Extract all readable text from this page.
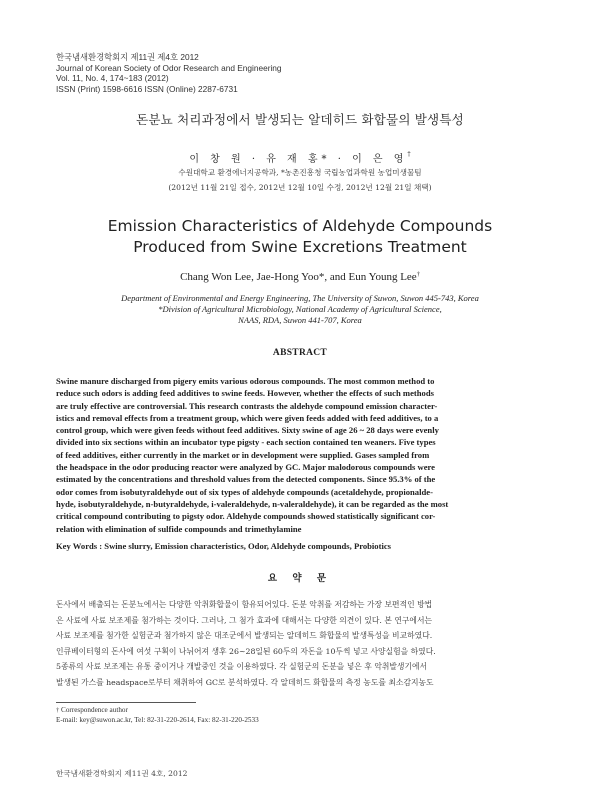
한국냄새환경학회지 제11권 제4호 2012
Journal of Korean Society of Odor Research and Engineering
Vol. 11, No. 4, 174~183 (2012)
ISSN (Print) 1598-6616 ISSN (Online) 2287-6731
돈분뇨 처리과정에서 발생되는 알데히드 화합물의 발생특성
이 창 원 · 유 재 홍* · 이 은 영†
수원대학교 환경에너지공학과, *농촌진흥청 국립농업과학원 농업미생물팀
(2012년 11월 21일 접수, 2012년 12월 10일 수정, 2012년 12월 21일 채택)
Emission Characteristics of Aldehyde Compounds
Produced from Swine Excretions Treatment
Chang Won Lee, Jae-Hong Yoo*, and Eun Young Lee†
Department of Environmental and Energy Engineering, The University of Suwon, Suwon 445-743, Korea
*Division of Agricultural Microbiology, National Academy of Agricultural Science,
NAAS, RDA, Suwon 441-707, Korea
ABSTRACT
Swine manure discharged from pigery emits various odorous compounds. The most common method to
reduce such odors is adding feed additives to swine feeds. However, whether the effects of such methods
are truly effective are controversial. This research contrasts the aldehyde compound emission character-
istics and removal effects from a treatment group, which were given feeds added with feed additives, to a
control group, which were given feeds without feed additives. Sixty swine of age 26 ~ 28 days were evenly
divided into six sections within an incubator type pigsty - each section contained ten weaners. Five types
of feed additives, either currently in the market or in development were supplied. Gases sampled from
the headspace in the odor producing reactor were analyzed by GC. Major malodorous compounds were
estimated by the concentrations and threshold values from the detected components. Since 95.3% of the
odor comes from isobutyraldehyde out of six types of aldehyde compounds (acetaldehyde, propionalde-
hyde, isobutyraldehyde, n-butyraldehyde, i-valeraldehyde, n-valeraldehyde), it can be regarded as the most
critical compound contributing to pigsty odor. Aldehyde compounds showed statistically significant cor-
relation with elimination of sulfide compounds and trimethylamine
Key Words : Swine slurry, Emission characteristics, Odor, Aldehyde compounds, Probiotics
요 약 문
돈사에서 배출되는 돈분뇨에서는 다양한 악취화합물이 함유되어있다. 돈분 악취를 저감하는 가장 보편적인 방법
은 사료에 사료 보조제를 첨가하는 것이다. 그러나, 그 첨가 효과에 대해서는 다양한 의견이 있다. 본 연구에서는
사료 보조제를 첨가한 실험군과 첨가하지 않은 대조군에서 발생되는 알데히드 화합물의 발생특성을 비교하였다.
인큐베이터형의 돈사에 여섯 구획이 나뉘어져 생후 26~28일된 60두의 자돈을 10두씩 넣고 사양실험을 하였다.
5종류의 사료 보조제는 유통 중이거나 개발중인 것을 이용하였다. 각 실험군의 돈분을 넣은 후 악취발생기에서
발생된 가스를 headspace로부터 채취하여 GC로 분석하였다. 각 알데히드 화합물의 측정 농도를 최소감지농도
† Correspondence author
E-mail: key@suwon.ac.kr, Tel: 82-31-220-2614, Fax: 82-31-220-2533
한국냄새환경학회지 제11권 4호, 2012
